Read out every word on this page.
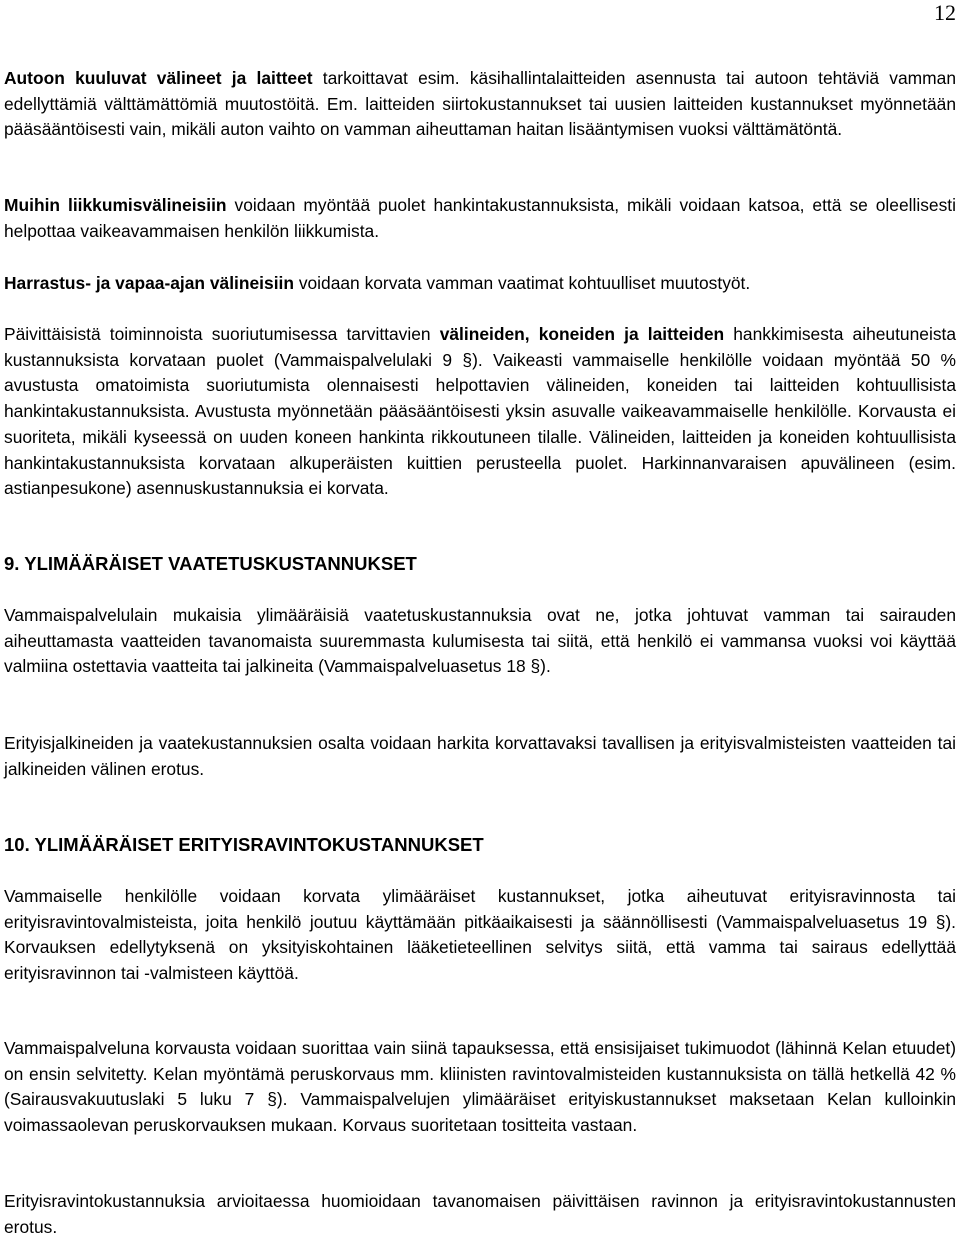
12

Autoon kuuluvat välineet ja laitteet tarkoittavat esim. käsihallintalaitteiden asennusta tai autoon tehtäviä vamman edellyttämiä välttämättömiä muutostöitä. Em. laitteiden siirtokustannukset tai uusien laitteiden kustannukset myönnetään pääsääntöisesti vain, mikäli auton vaihto on vamman aiheuttaman haitan lisääntymisen vuoksi välttämätöntä.

Muihin liikkumisvälineisiin voidaan myöntää puolet hankintakustannuksista, mikäli voidaan katsoa, että se oleellisesti helpottaa vaikeavammaisen henkilön liikkumista.

Harrastus- ja vapaa-ajan välineisiin voidaan korvata vamman vaatimat kohtuulliset muutostyöt.

Päivittäisistä toiminnoista suoriutumisessa tarvittavien välineiden, koneiden ja laitteiden hankkimisesta aiheutuneista kustannuksista korvataan puolet (Vammaispalvelulaki 9 §). Vaikeasti vammaiselle henkilölle voidaan myöntää 50 % avustusta omatoimista suoriutumista olennaisesti helpottavien välineiden, koneiden tai laitteiden kohtuullisista hankintakustannuksista. Avustusta myönnetään pääsääntöisesti yksin asuvalle vaikeavammaiselle henkilölle. Korvausta ei suoriteta, mikäli kyseessä on uuden koneen hankinta rikkoutuneen tilalle. Välineiden, laitteiden ja koneiden kohtuullisista hankintakustannuksista korvataan alkuperäisten kuittien perusteella puolet. Harkinnanvaraisen apuvälineen (esim. astianpesukone) asennuskustannuksia ei korvata.

9. YLIMÄÄRÄISET VAATETUSKUSTANNUKSET

Vammaispalvelulain mukaisia ylimääräisiä vaatetuskustannuksia ovat ne, jotka johtuvat vamman tai sairauden aiheuttamasta vaatteiden tavanomaista suuremmasta kulumisesta tai siitä, että henkilö ei vammansa vuoksi voi käyttää valmiina ostettavia vaatteita tai jalkineita (Vammaispalveluasetus 18 §).

Erityisjalkineiden ja vaatekustannuksien osalta voidaan harkita korvattavaksi tavallisen ja erityisvalmisteisten vaatteiden tai jalkineiden välinen erotus.

10. YLIMÄÄRÄISET ERITYISRAVINTOKUSTANNUKSET

Vammaiselle henkilölle voidaan korvata ylimääräiset kustannukset, jotka aiheutuvat erityisravinnosta tai erityisravintovalmisteista, joita henkilö joutuu käyttämään pitkäaikaisesti ja säännöllisesti (Vammaispalveluasetus 19 §). Korvauksen edellytyksenä on yksityiskohtainen lääketieteellinen selvitys siitä, että vamma tai sairaus edellyttää erityisravinnon tai -valmisteen käyttöä.

Vammaispalveluna korvausta voidaan suorittaa vain siinä tapauksessa, että ensisijaiset tukimuodot (lähinnä Kelan etuudet) on ensin selvitetty. Kelan myöntämä peruskorvaus mm. kliinisten ravintovalmisteiden kustannuksista on tällä hetkellä 42 % (Sairausvakuutuslaki 5 luku 7 §). Vammaispalvelujen ylimääräiset erityiskustannukset maksetaan Kelan kulloinkin voimassaolevan peruskorvauksen mukaan. Korvaus suoritetaan tositteita vastaan.

Erityisravintokustannuksia arvioitaessa huomioidaan tavanomaisen päivittäisen ravinnon ja erityisravintokustannusten erotus.
